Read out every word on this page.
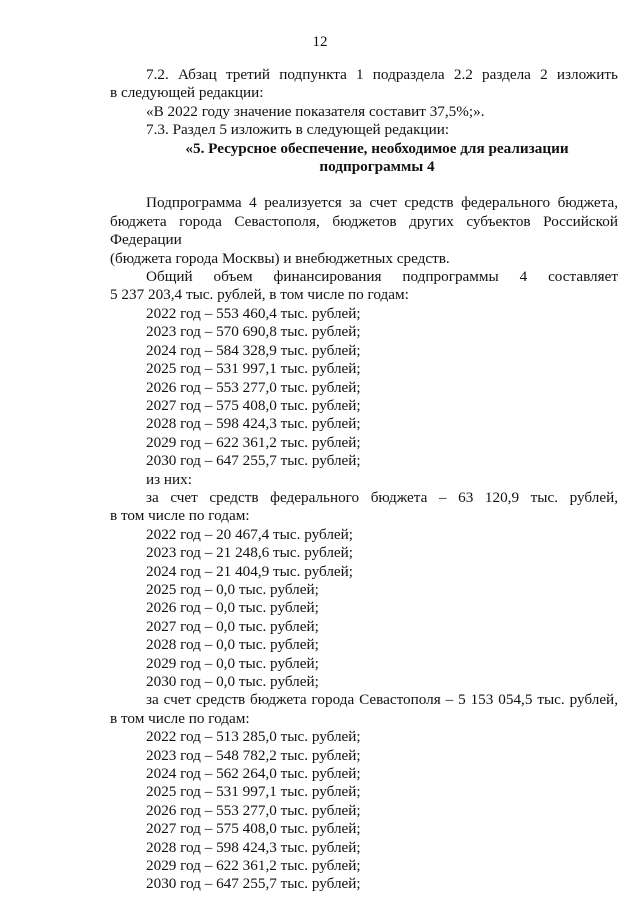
12
7.2. Абзац третий подпункта 1 подраздела 2.2 раздела 2 изложить
в следующей редакции:
«В 2022 году значение показателя составит 37,5%;».
7.3. Раздел 5 изложить в следующей редакции:
«5. Ресурсное обеспечение, необходимое для реализации
подпрограммы 4
Подпрограмма 4 реализуется за счет средств федерального бюджета,
бюджета города Севастополя, бюджетов других субъектов Российской Федерации
(бюджета города Москвы) и внебюджетных средств.
Общий объем финансирования подпрограммы 4 составляет
5 237 203,4 тыс. рублей, в том числе по годам:
2022 год – 553 460,4 тыс. рублей;
2023 год – 570 690,8 тыс. рублей;
2024 год – 584 328,9 тыс. рублей;
2025 год – 531 997,1 тыс. рублей;
2026 год – 553 277,0 тыс. рублей;
2027 год – 575 408,0 тыс. рублей;
2028 год – 598 424,3 тыс. рублей;
2029 год – 622 361,2 тыс. рублей;
2030 год – 647 255,7 тыс. рублей;
из них:
за счет средств федерального бюджета – 63 120,9 тыс. рублей,
в том числе по годам:
2022 год – 20 467,4 тыс. рублей;
2023 год – 21 248,6 тыс. рублей;
2024 год – 21 404,9 тыс. рублей;
2025 год – 0,0 тыс. рублей;
2026 год – 0,0 тыс. рублей;
2027 год – 0,0 тыс. рублей;
2028 год – 0,0 тыс. рублей;
2029 год – 0,0 тыс. рублей;
2030 год – 0,0 тыс. рублей;
за счет средств бюджета города Севастополя – 5 153 054,5 тыс. рублей,
в том числе по годам:
2022 год – 513 285,0 тыс. рублей;
2023 год – 548 782,2 тыс. рублей;
2024 год – 562 264,0 тыс. рублей;
2025 год – 531 997,1 тыс. рублей;
2026 год – 553 277,0 тыс. рублей;
2027 год – 575 408,0 тыс. рублей;
2028 год – 598 424,3 тыс. рублей;
2029 год – 622 361,2 тыс. рублей;
2030 год – 647 255,7 тыс. рублей;
